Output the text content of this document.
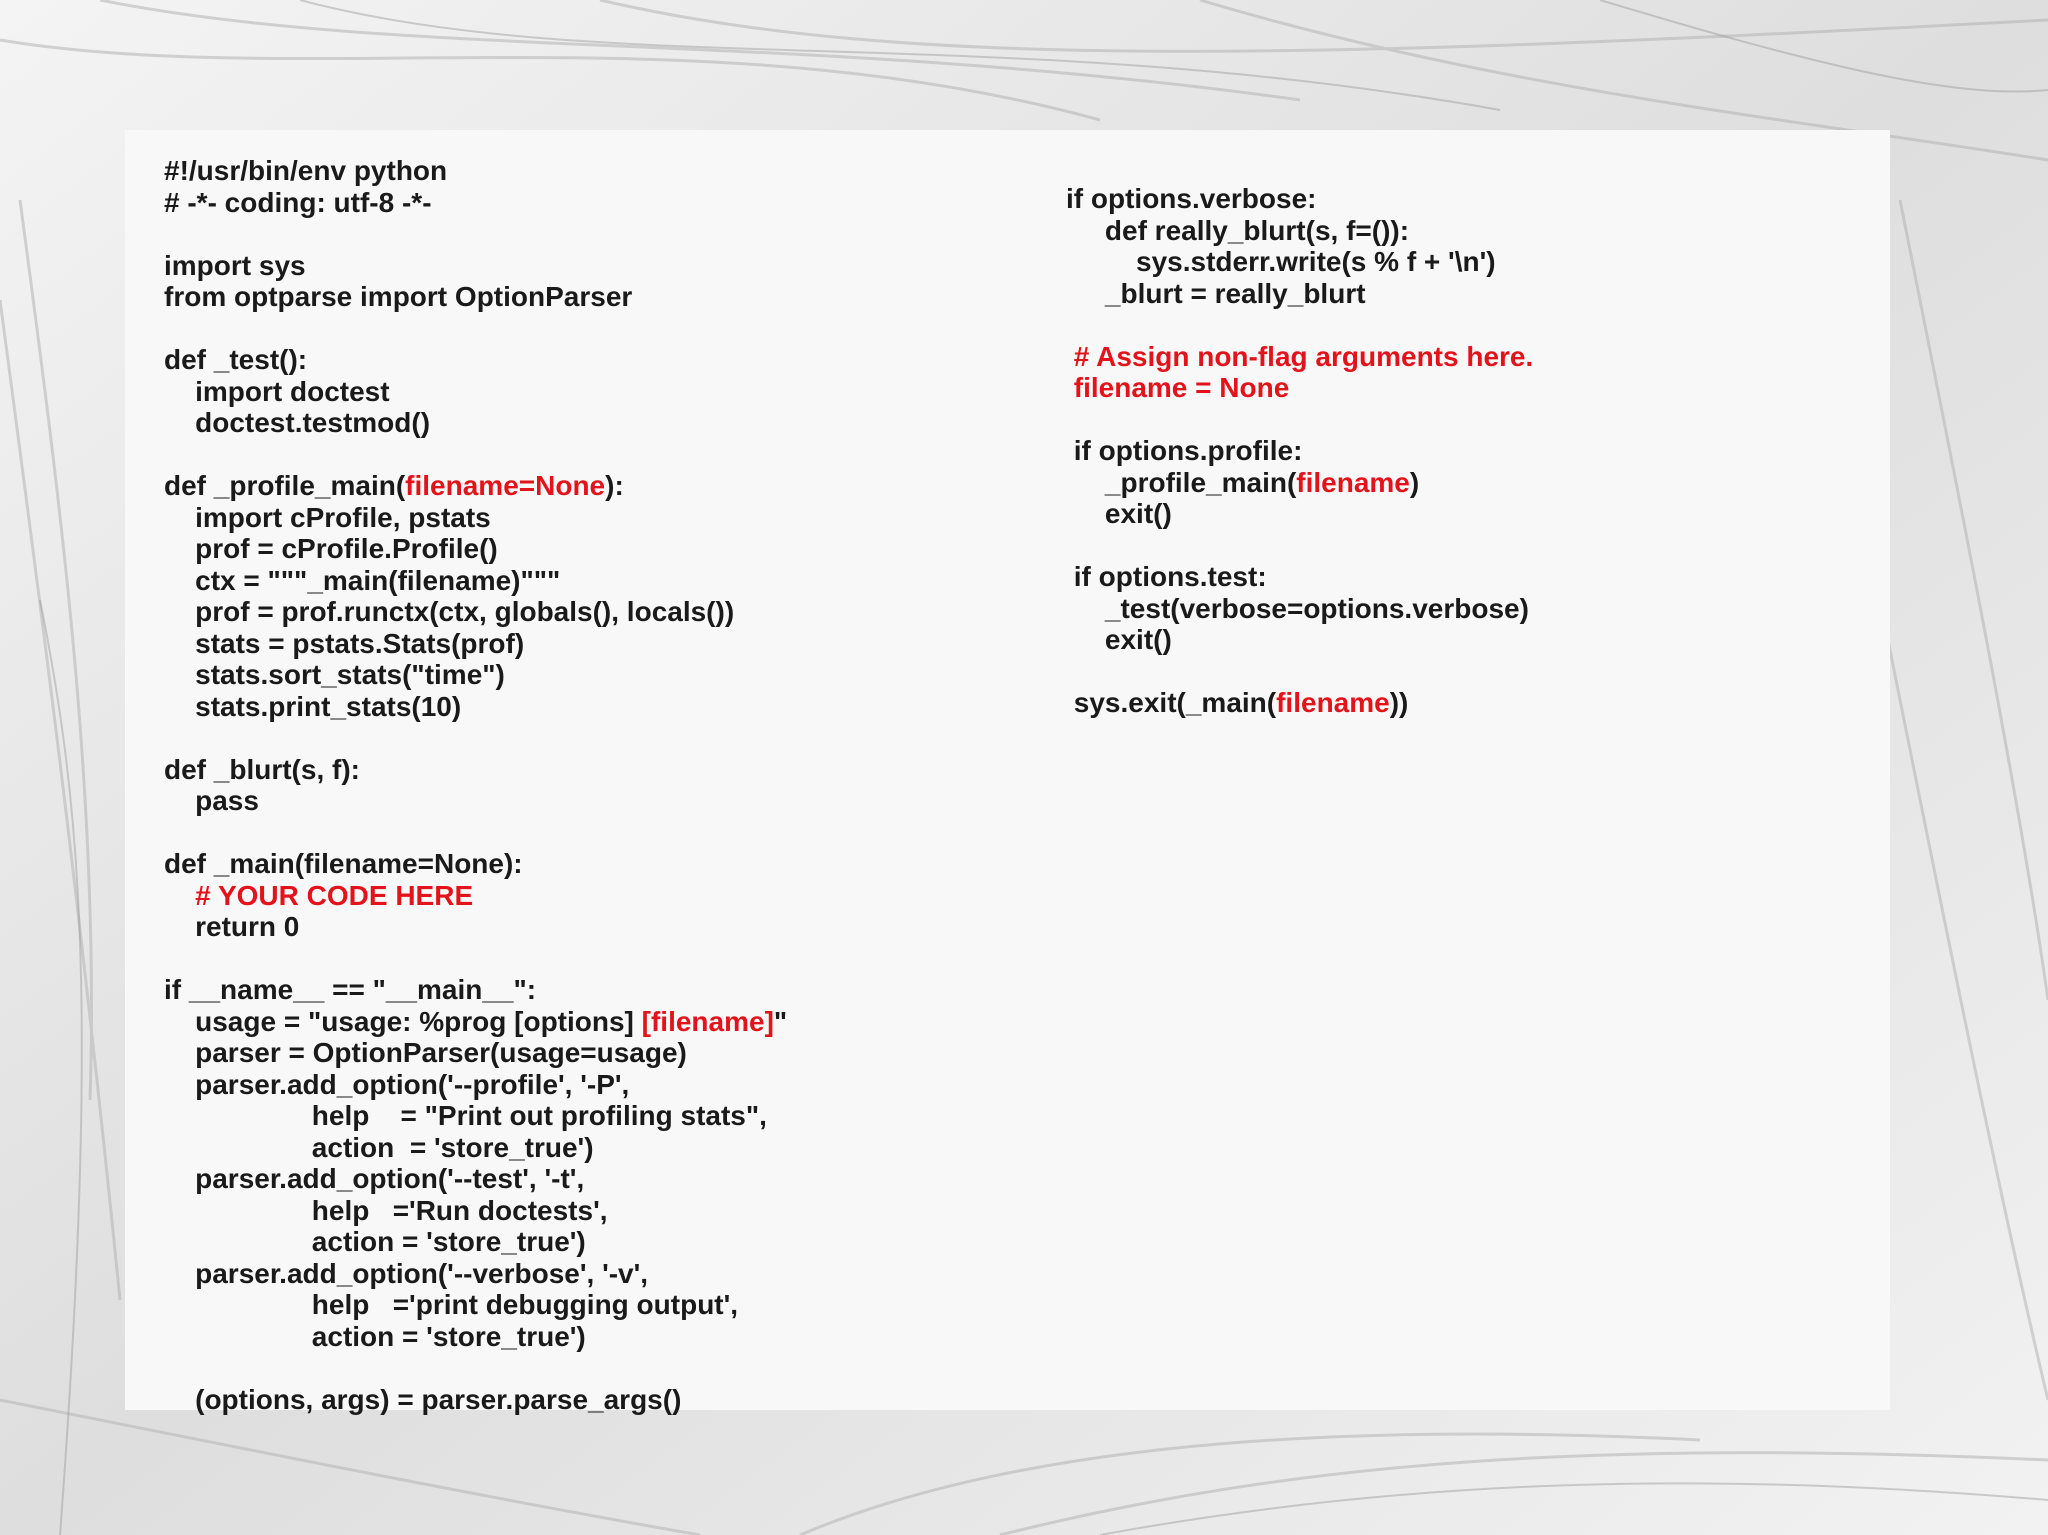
#!/usr/bin/env python
# -*- coding: utf-8 -*-
import sys
from optparse import OptionParser
def _test():
import doctest
doctest.testmod()
def _profile_main(filename=None):
import cProfile, pstats
prof = cProfile.Profile()
ctx = """_main(filename)"""
prof = prof.runctx(ctx, globals(), locals())
stats = pstats.Stats(prof)
stats.sort_stats("time")
stats.print_stats(10)
def _blurt(s, f):
pass
def _main(filename=None):
# YOUR CODE HERE
return 0
if __name__ == "__main__":
usage = "usage: %prog [options] [filename]"
parser = OptionParser(usage=usage)
parser.add_option('--profile', '-P',
help    = "Print out profiling stats",
action  = 'store_true')
parser.add_option('--test', '-t',
help   ='Run doctests',
action = 'store_true')
parser.add_option('--verbose', '-v',
help   ='print debugging output',
action = 'store_true')
(options, args) = parser.parse_args()
if options.verbose:
def really_blurt(s, f=()):
sys.stderr.write(s % f + '\n')
_blurt = really_blurt
# Assign non-flag arguments here.
filename = None
if options.profile:
_profile_main(filename)
exit()
if options.test:
_test(verbose=options.verbose)
exit()
sys.exit(_main(filename))
